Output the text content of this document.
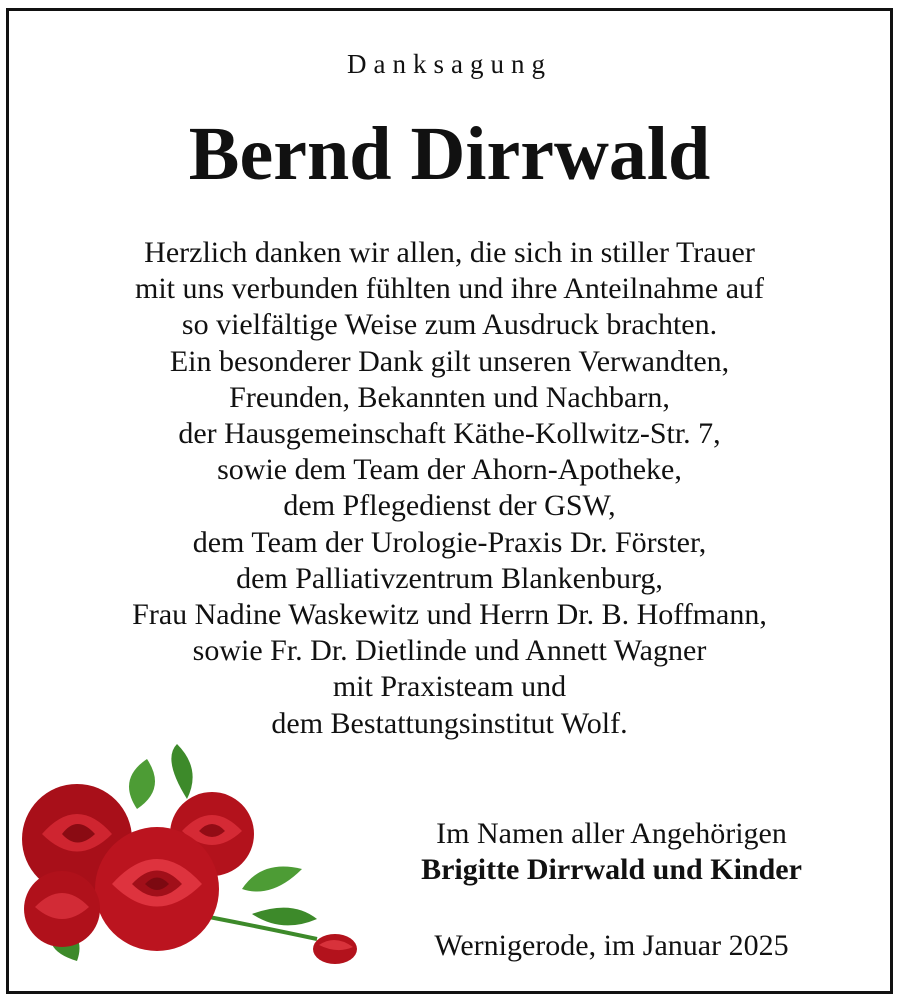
Danksagung
Bernd Dirrwald
Herzlich danken wir allen, die sich in stiller Trauer
mit uns verbunden fühlten und ihre Anteilnahme auf
so vielfältige Weise zum Ausdruck brachten.
Ein besonderer Dank gilt unseren Verwandten,
Freunden, Bekannten und Nachbarn,
der Hausgemeinschaft Käthe-Kollwitz-Str. 7,
sowie dem Team der Ahorn-Apotheke,
dem Pflegedienst der GSW,
dem Team der Urologie-Praxis Dr. Förster,
dem Palliativzentrum Blankenburg,
Frau Nadine Waskewitz und Herrn Dr. B. Hoffmann,
sowie Fr. Dr. Dietlinde und Annett Wagner
mit Praxisteam und
dem Bestattungsinstitut Wolf.
Im Namen aller Angehörigen
Brigitte Dirrwald und Kinder
Wernigerode, im Januar 2025
